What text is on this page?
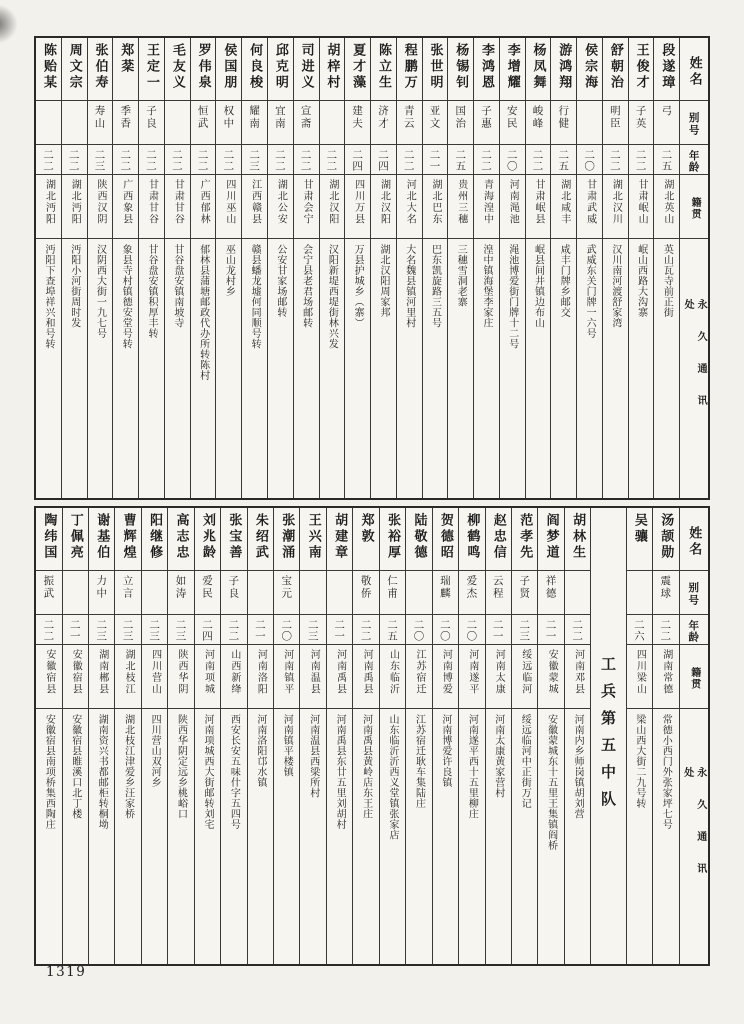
姓名
别号
年龄
籍贯
永久通讯处
段遂璋
弓
二五
湖北英山
英山瓦寺前正街
王俊才
子英
二二
甘肃岷山
岷山西路大沟寨
舒朝治
明臣
二二
湖北汉川
汉川南河渡舒家湾
侯宗海
二〇
甘肃武威
武威东关门牌一六号
游鸿翔
行健
二五
湖北咸丰
咸丰门牌乡邮交
杨凤舞
峻峰
二二
甘肃岷县
岷县间井镇边布山
李增耀
安民
二〇
河南渑池
渑池博爱街门牌十二号
李鸿恩
子惠
二二
青海湟中
湟中镇海堡李家庄
杨锡钊
国治
二五
贵州三穗
三穗雪洞老寨
张世明
亚文
二一
湖北巴东
巴东凯旋路三五号
程鹏万
青云
二二
河北大名
大名魏县镇河里村
陈立生
济才
二四
湖北汉阳
湖北汉阳周家邦
夏才藻
建夫
二四
四川万县
万县护城乡（寨）
胡梓村
二二
湖北汉阳
汉阳新堤西堤街林兴发
司进义
宣斋
二二
甘肃会宁
会宁县老君场邮转
邱克明
宜南
二二
湖北公安
公安甘家场邮转
何良梭
耀南
二三
江西赣县
赣县蟠龙墟何同顺号转
侯国朋
权中
二二
四川巫山
巫山龙村乡
罗伟泉
恒武
二二
广西郁林
郁林县蒲塘邮政代办所转陈村
毛友义
二二
甘肃甘谷
甘谷盘安镇南坡寺
王定一
子良
二二
甘肃甘谷
甘谷盘安镇积厚丰转
郑棻
季香
二二
广西象县
象县寺村镇德安堂号转
张伯寿
寿山
二三
陕西汉阴
汉阴西大街一九七号
周文宗
二二
湖北沔阳
沔阳小河街周时发
陈贻某
二二
湖北沔阳
沔阳下查埠祥兴和号转
姓名
别号
年龄
籍贯
永久通讯处
汤颉勋
震球
二二
湖南常德
常德小西门外张家坪七号
吴骧
二六
四川梁山
梁山西大街二九号转
工兵第五中队
胡林生
二二
河南邓县
河南内乡师岗镇胡刘营
阎梦道
祥德
二一
安徽蒙城
安徽蒙城东十五里王集镇阎桥
范孝先
子贤
二三
绥远临河
绥远临河中正街万记
赵忠信
云程
二一
河南太康
河南太康黄家营村
柳鹤鸣
爱杰
二〇
河南遂平
河南遂平西十五里柳庄
贺德昭
瑞麟
二〇
河南博爱
河南博爱许良镇
陆敬德
二〇
江苏宿迁
江苏宿迁耿车集陆庄
张裕厚
仁甫
二五
山东临沂
山东临沂沂西义堂镇张家店
郑敦
敬侨
二二
河南禹县
河南禹县黄岭店东王庄
胡建章
二一
河南禹县
河南禹县东廿五里刘胡村
王兴南
二三
河南温县
河南温县西梁所村
张潮涌
宝元
二〇
河南镇平
河南镇平楼镇
朱绍武
二一
河南洛阳
河南洛阳邙水镇
张宝善
子良
二二
山西新绛
西安长安五味什字五四号
刘兆龄
爱民
二四
河南项城
河南项城西大街邮转刘宅
高志忠
如涛
二三
陕西华阴
陕西华阴定远乡桃峪口
阳继修
二三
四川营山
四川营山双河乡
曹辉煌
立言
二三
湖北枝江
湖北枝江津爱乡汪家桥
谢基伯
力中
二三
湖南郴县
湖南资兴书都邮柜转桐坳
丁佩亮
二一
安徽宿县
安徽宿县睢溪口北丁楼
陶纬国
振武
二二
安徽宿县
安徽宿县南项桥集西陶庄
1319
